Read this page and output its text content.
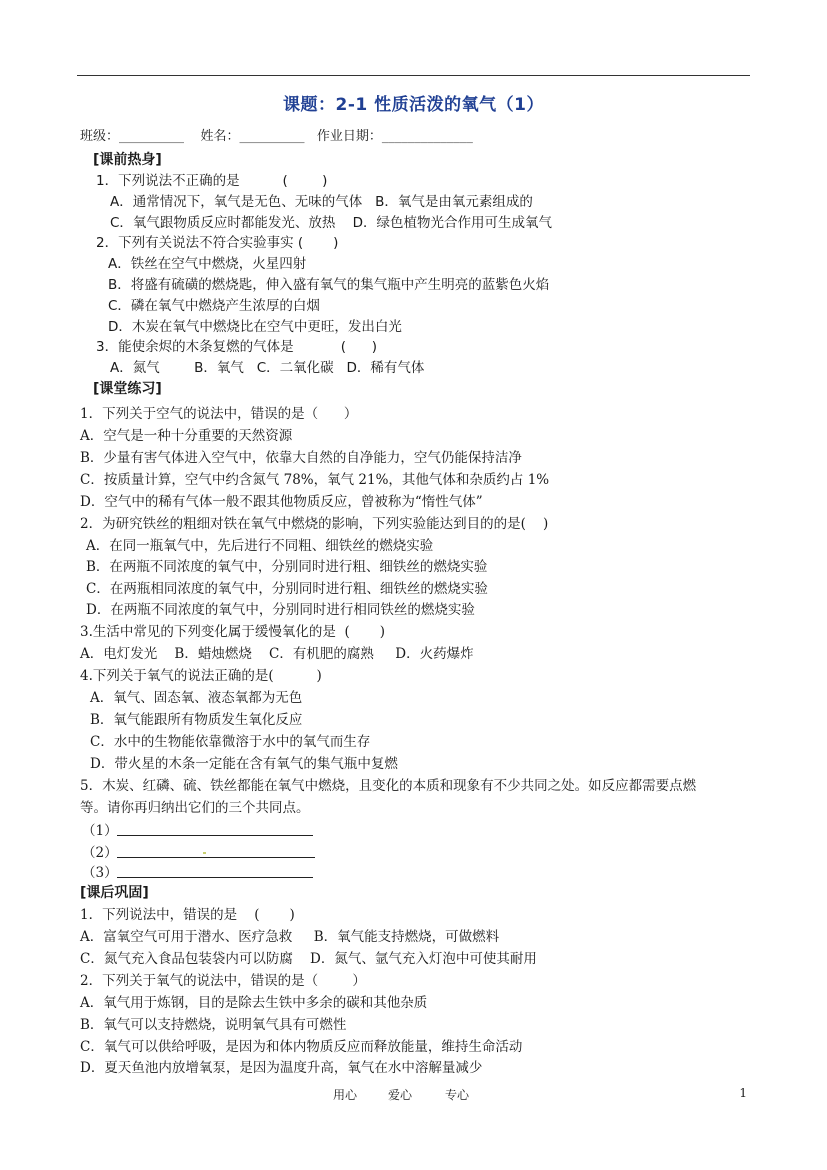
课题：2-1 性质活泼的氧气（1）
班级：__________    姓名：__________   作业日期：______________
[课前热身]
1．下列说法不正确的是          (        )
A．通常情况下，氧气是无色、无味的气体   B．氧气是由氧元素组成的
C．氧气跟物质反应时都能发光、放热    D．绿色植物光合作用可生成氧气
2．下列有关说法不符合实验事实 (       )
A．铁丝在空气中燃烧，火星四射
B．将盛有硫磺的燃烧匙，伸入盛有氧气的集气瓶中产生明亮的蓝紫色火焰
C．磷在氧气中燃烧产生浓厚的白烟
D．木炭在氧气中燃烧比在空气中更旺，发出白光
3．能使余烬的木条复燃的气体是           (      )
A．氮气        B．氧气   C．二氧化碳   D．稀有气体
[课堂练习]
1．下列关于空气的说法中，错误的是（      ）
A．空气是一种十分重要的天然资源
B．少量有害气体进入空气中，依靠大自然的自净能力，空气仍能保持洁净
C．按质量计算，空气中约含氮气 78%，氧气 21%，其他气体和杂质约占 1%
D．空气中的稀有气体一般不跟其他物质反应，曾被称为“惰性气体”
2．为研究铁丝的粗细对铁在氧气中燃烧的影响，下列实验能达到目的的是(    )
A．在同一瓶氧气中，先后进行不同粗、细铁丝的燃烧实验
B．在两瓶不同浓度的氧气中，分别同时进行粗、细铁丝的燃烧实验
C．在两瓶相同浓度的氧气中，分别同时进行粗、细铁丝的燃烧实验
D．在两瓶不同浓度的氧气中，分别同时进行相同铁丝的燃烧实验
3.生活中常见的下列变化属于缓慢氧化的是  (       )
A．电灯发光    B．蜡烛燃烧    C．有机肥的腐熟     D．火药爆炸
4.下列关于氧气的说法正确的是(          )
A．氧气、固态氧、液态氧都为无色
B．氧气能跟所有物质发生氧化反应
C．水中的生物能依靠微溶于水中的氧气而生存
D．带火星的木条一定能在含有氧气的集气瓶中复燃
5．木炭、红磷、硫、铁丝都能在氧气中燃烧，且变化的本质和现象有不少共同之处。如反应都需要点燃
等。请你再归纳出它们的三个共同点。
（1）
（2）
（3）
[课后巩固]
1．下列说法中，错误的是    (       )
A．富氧空气可用于潜水、医疗急救     B．氧气能支持燃烧，可做燃料
C．氮气充入食品包装袋内可以防腐    D．氮气、氩气充入灯泡中可使其耐用
2．下列关于氧气的说法中，错误的是（        ）
A．氧气用于炼钢，目的是除去生铁中多余的碳和其他杂质
B．氧气可以支持燃烧，说明氧气具有可燃性
C．氧气可以供给呼吸，是因为和体内物质反应而释放能量，维持生命活动
D．夏天鱼池内放增氧泵，是因为温度升高，氧气在水中溶解量减少
用心	爱心	专心	1
